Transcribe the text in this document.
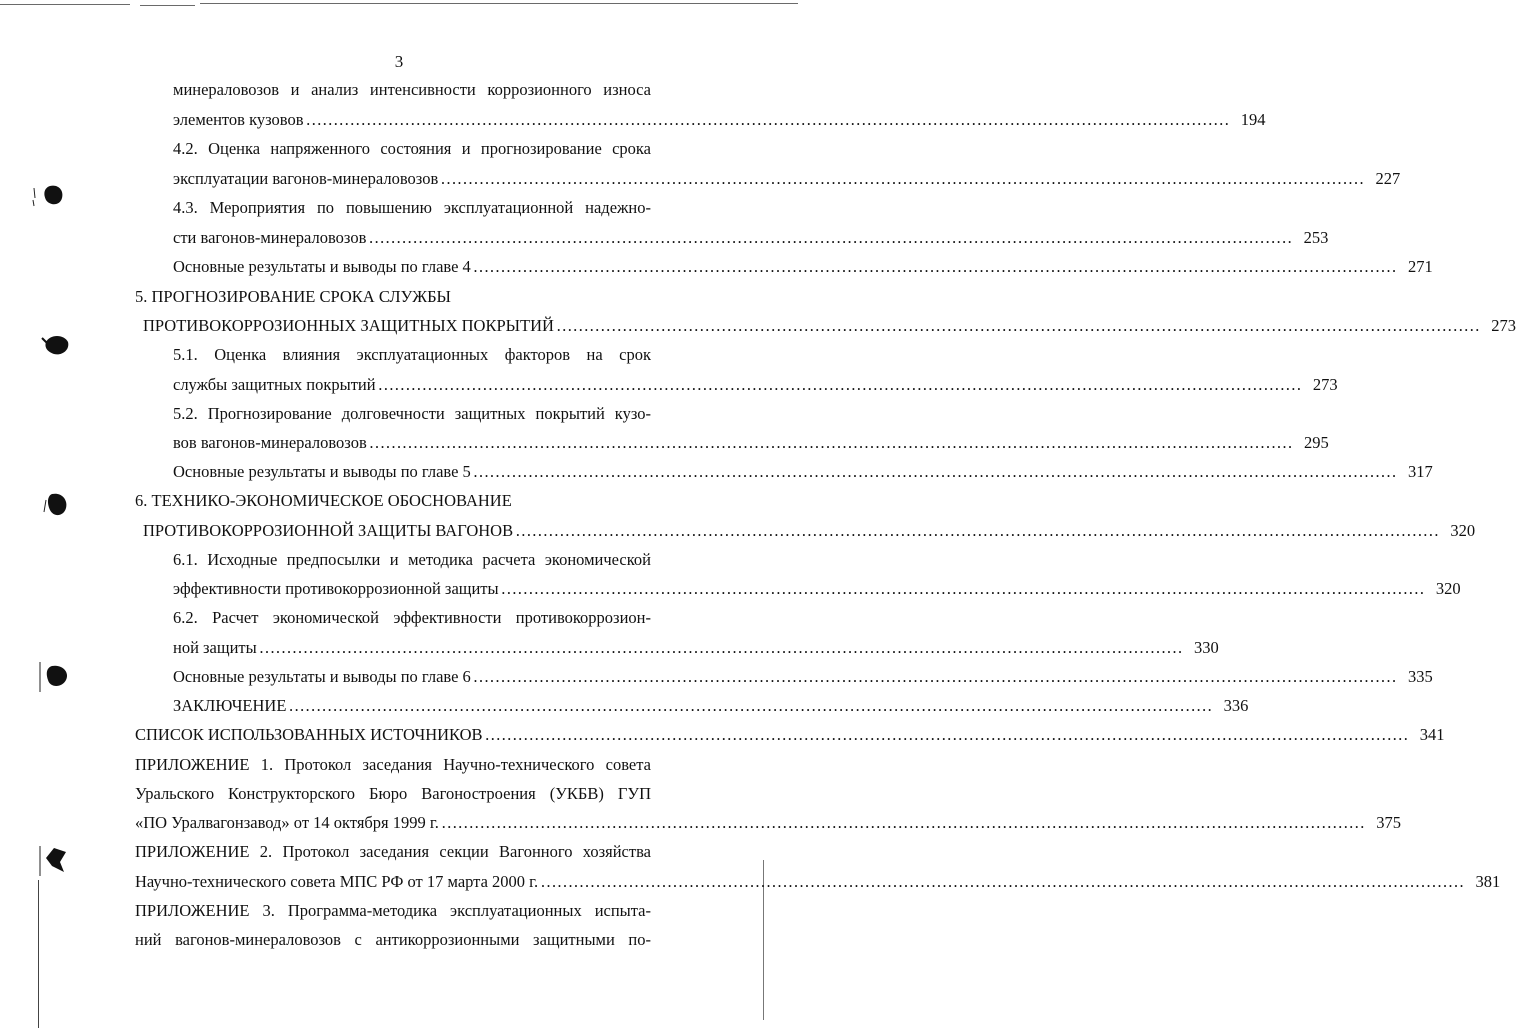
3
минераловозов и анализ интенсивности коррозионного износа
элементов кузовов …………………………………………………………………………………………………………………………………………………… 194
4.2. Оценка напряженного состояния и прогнозирование срока
эксплуатации вагонов-минераловозов …………………………………………………………………………………………………………………………………………………… 227
4.3. Мероприятия по повышению эксплуатационной надежно-
сти вагонов-минераловозов …………………………………………………………………………………………………………………………………………………… 253
Основные результаты и выводы по главе 4 …………………………………………………………………………………………………………………………………………………… 271
5. ПРОГНОЗИРОВАНИЕ СРОКА СЛУЖБЫ
ПРОТИВОКОРРОЗИОННЫХ ЗАЩИТНЫХ ПОКРЫТИЙ …………………………………………………………………………………………………………………………………………………… 273
5.1. Оценка влияния эксплуатационных факторов на срок
службы защитных покрытий …………………………………………………………………………………………………………………………………………………… 273
5.2. Прогнозирование долговечности защитных покрытий кузо-
вов вагонов-минераловозов …………………………………………………………………………………………………………………………………………………… 295
Основные результаты и выводы по главе 5 …………………………………………………………………………………………………………………………………………………… 317
6. ТЕХНИКО-ЭКОНОМИЧЕСКОЕ ОБОСНОВАНИЕ
ПРОТИВОКОРРОЗИОННОЙ ЗАЩИТЫ ВАГОНОВ …………………………………………………………………………………………………………………………………………………… 320
6.1. Исходные предпосылки и методика расчета экономической
эффективности противокоррозионной защиты …………………………………………………………………………………………………………………………………………………… 320
6.2. Расчет экономической эффективности противокоррозион-
ной защиты …………………………………………………………………………………………………………………………………………………… 330
Основные результаты и выводы по главе 6 …………………………………………………………………………………………………………………………………………………… 335
ЗАКЛЮЧЕНИЕ …………………………………………………………………………………………………………………………………………………… 336
СПИСОК ИСПОЛЬЗОВАННЫХ ИСТОЧНИКОВ …………………………………………………………………………………………………………………………………………………… 341
ПРИЛОЖЕНИЕ 1. Протокол заседания Научно-технического совета
Уральского Конструкторского Бюро Вагоностроения (УКБВ) ГУП
«ПО Уралвагонзавод» от 14 октября 1999 г. …………………………………………………………………………………………………………………………………………………… 375
ПРИЛОЖЕНИЕ 2. Протокол заседания секции Вагонного хозяйства
Научно-технического совета МПС РФ от 17 марта 2000 г. …………………………………………………………………………………………………………………………………………………… 381
ПРИЛОЖЕНИЕ 3. Программа-методика эксплуатационных испыта-
ний вагонов-минераловозов с антикоррозионными защитными по-
